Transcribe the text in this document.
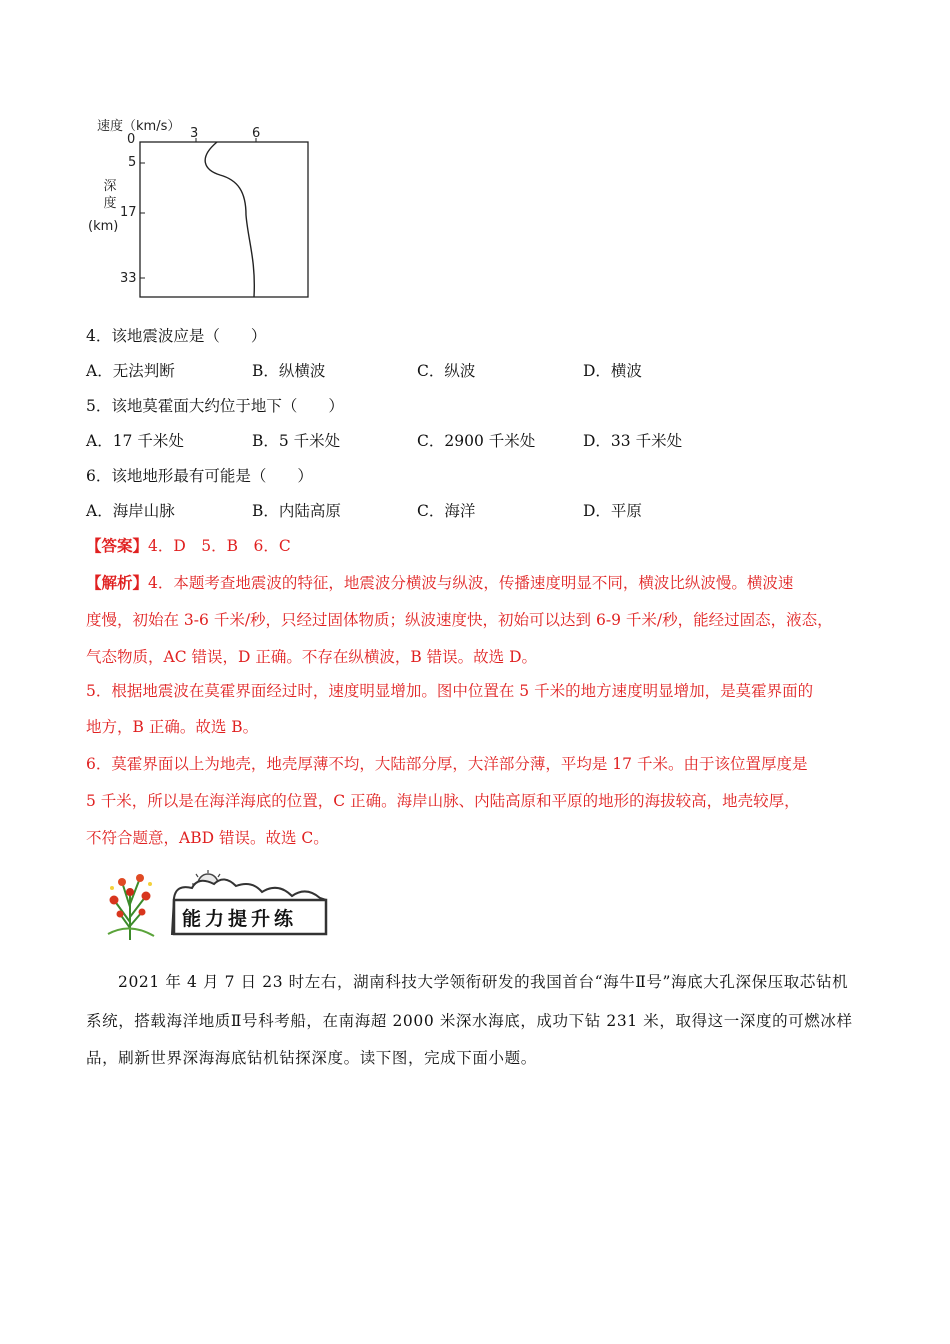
速度（km/s）
0	3	6
深
度
(km)
5
17
33
4．该地震波应是（　　）
A．无法判断	B．纵横波	C．纵波	D．横波
5．该地莫霍面大约位于地下（　　）
A．17 千米处	B．5 千米处	C．2900 千米处	D．33 千米处
6．该地地形最有可能是（　　）
A．海岸山脉	B．内陆高原	C．海洋	D．平原
【答案】4．D　5．B　6．C
【解析】4．本题考查地震波的特征，地震波分横波与纵波，传播速度明显不同，横波比纵波慢。横波速
度慢，初始在 3-6 千米/秒，只经过固体物质；纵波速度快，初始可以达到 6-9 千米/秒，能经过固态，液态，
气态物质，AC 错误，D 正确。不存在纵横波，B 错误。故选 D。
5．根据地震波在莫霍界面经过时，速度明显增加。图中位置在 5 千米的地方速度明显增加，是莫霍界面的
地方，B 正确。故选 B。
6．莫霍界面以上为地壳，地壳厚薄不均，大陆部分厚，大洋部分薄，平均是 17 千米。由于该位置厚度是
5 千米，所以是在海洋海底的位置，C 正确。海岸山脉、内陆高原和平原的地形的海拔较高，地壳较厚，
不符合题意，ABD 错误。故选 C。
能力提升练
2021 年 4 月 7 日 23 时左右，湖南科技大学领衔研发的我国首台“海牛Ⅱ号”海底大孔深保压取芯钻机
系统，搭载海洋地质Ⅱ号科考船，在南海超 2000 米深水海底，成功下钻 231 米，取得这一深度的可燃冰样
品，刷新世界深海海底钻机钻探深度。读下图，完成下面小题。
